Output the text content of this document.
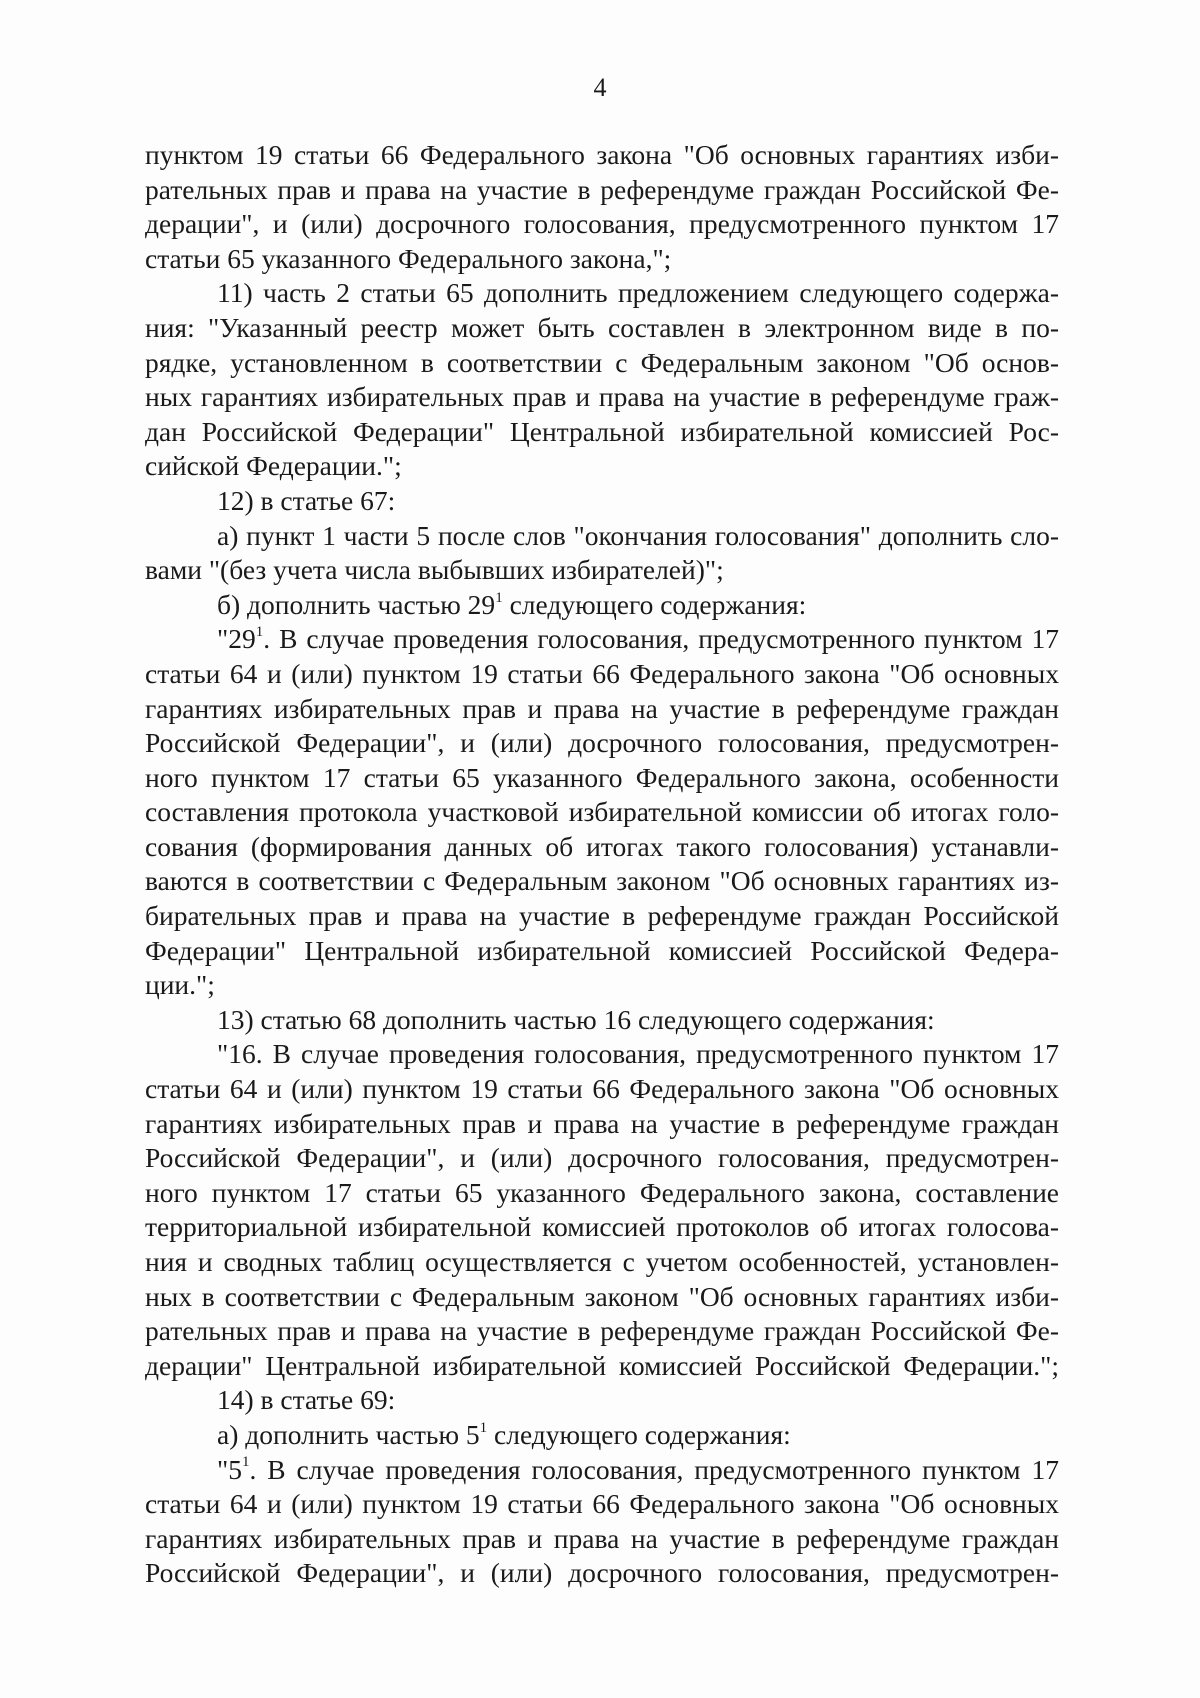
4
пунктом 19 статьи 66 Федерального закона "Об основных гарантиях изби-
рательных прав и права на участие в референдуме граждан Российской Фе-
дерации", и (или) досрочного голосования, предусмотренного пунктом 17
статьи 65 указанного Федерального закона,";
11) часть 2 статьи 65 дополнить предложением следующего содержа-
ния: "Указанный реестр может быть составлен в электронном виде в по-
рядке, установленном в соответствии с Федеральным законом "Об основ-
ных гарантиях избирательных прав и права на участие в референдуме граж-
дан Российской Федерации" Центральной избирательной комиссией Рос-
сийской Федерации.";
12) в статье 67:
а) пункт 1 части 5 после слов "окончания голосования" дополнить сло-
вами "(без учета числа выбывших избирателей)";
б) дополнить частью $29^1$ следующего содержания:
"$29^1$. В случае проведения голосования, предусмотренного пунктом 17
статьи 64 и (или) пунктом 19 статьи 66 Федерального закона "Об основных
гарантиях избирательных прав и права на участие в референдуме граждан
Российской Федерации", и (или) досрочного голосования, предусмотрен-
ного пунктом 17 статьи 65 указанного Федерального закона, особенности
составления протокола участковой избирательной комиссии об итогах голо-
сования (формирования данных об итогах такого голосования) устанавли-
ваются в соответствии с Федеральным законом "Об основных гарантиях из-
бирательных прав и права на участие в референдуме граждан Российской
Федерации" Центральной избирательной комиссией Российской Федера-
ции.";
13) статью 68 дополнить частью 16 следующего содержания:
"16. В случае проведения голосования, предусмотренного пунктом 17
статьи 64 и (или) пунктом 19 статьи 66 Федерального закона "Об основных
гарантиях избирательных прав и права на участие в референдуме граждан
Российской Федерации", и (или) досрочного голосования, предусмотрен-
ного пунктом 17 статьи 65 указанного Федерального закона, составление
территориальной избирательной комиссией протоколов об итогах голосова-
ния и сводных таблиц осуществляется с учетом особенностей, установлен-
ных в соответствии с Федеральным законом "Об основных гарантиях изби-
рательных прав и права на участие в референдуме граждан Российской Фе-
дерации" Центральной избирательной комиссией Российской Федерации.";
14) в статье 69:
а) дополнить частью $5^1$ следующего содержания:
"$5^1$. В случае проведения голосования, предусмотренного пунктом 17
статьи 64 и (или) пунктом 19 статьи 66 Федерального закона "Об основных
гарантиях избирательных прав и права на участие в референдуме граждан
Российской Федерации", и (или) досрочного голосования, предусмотрен-
